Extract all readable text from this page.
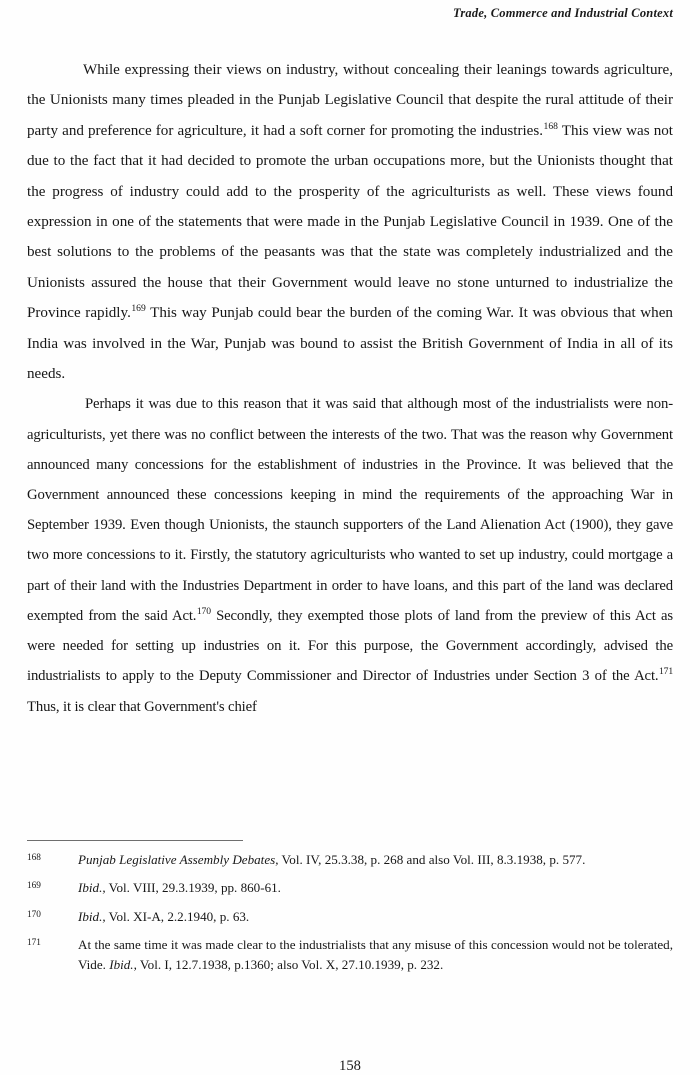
Trade, Commerce and Industrial Context

While expressing their views on industry, without concealing their leanings towards agriculture, the Unionists many times pleaded in the Punjab Legislative Council that despite the rural attitude of their party and preference for agriculture, it had a soft corner for promoting the industries.$^{168}$ This view was not due to the fact that it had decided to promote the urban occupations more, but the Unionists thought that the progress of industry could add to the prosperity of the agriculturists as well. These views found expression in one of the statements that were made in the Punjab Legislative Council in 1939. One of the best solutions to the problems of the peasants was that the state was completely industrialized and the Unionists assured the house that their Government would leave no stone unturned to industrialize the Province rapidly.$^{169}$ This way Punjab could bear the burden of the coming War. It was obvious that when India was involved in the War, Punjab was bound to assist the British Government of India in all of its needs.

Perhaps it was due to this reason that it was said that although most of the industrialists were non-agriculturists, yet there was no conflict between the interests of the two. That was the reason why Government announced many concessions for the establishment of industries in the Province. It was believed that the Government announced these concessions keeping in mind the requirements of the approaching War in September 1939. Even though Unionists, the staunch supporters of the Land Alienation Act (1900), they gave two more concessions to it. Firstly, the statutory agriculturists who wanted to set up industry, could mortgage a part of their land with the Industries Department in order to have loans, and this part of the land was declared exempted from the said Act.$^{170}$ Secondly, they exempted those plots of land from the preview of this Act as were needed for setting up industries on it. For this purpose, the Government accordingly, advised the industrialists to apply to the Deputy Commissioner and Director of Industries under Section 3 of the Act.$^{171}$ Thus, it is clear that Government's chief

168	Punjab Legislative Assembly Debates, Vol. IV, 25.3.38, p. 268 and also Vol. III, 8.3.1938, p. 577.
169	Ibid., Vol. VIII, 29.3.1939, pp. 860-61.
170	Ibid., Vol. XI-A, 2.2.1940, p. 63.
171	At the same time it was made clear to the industrialists that any misuse of this concession would not be tolerated, Vide. Ibid., Vol. I, 12.7.1938, p.1360; also Vol. X, 27.10.1939, p. 232.
158
